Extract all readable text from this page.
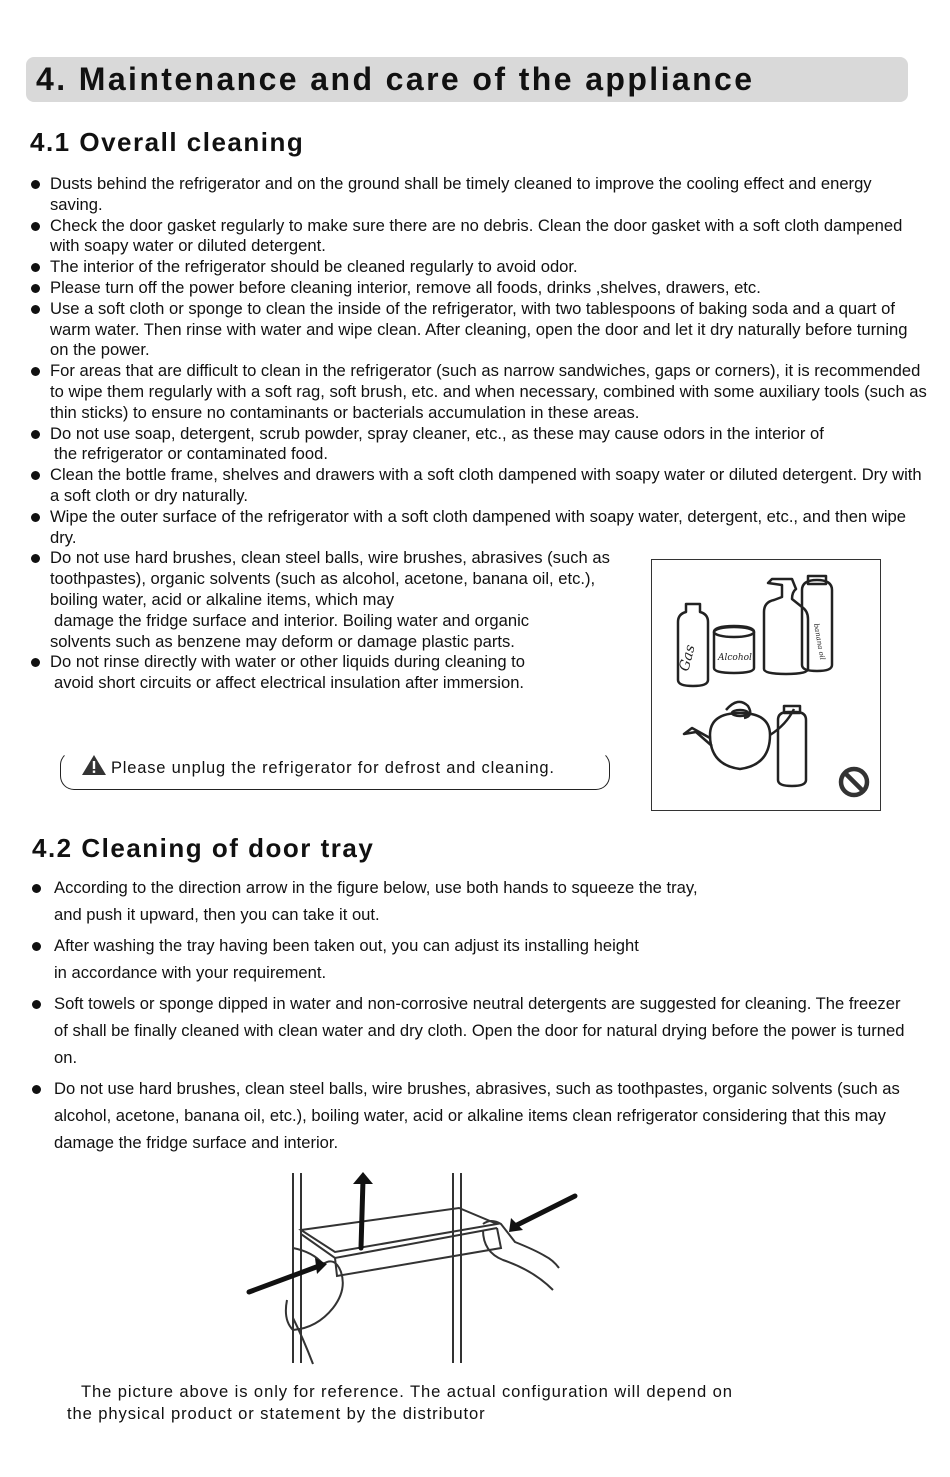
4. Maintenance and care of the appliance
4.1 Overall cleaning
Dusts behind the refrigerator and on the ground shall be timely cleaned to improve the cooling effect and energy saving.
Check the door gasket regularly to make sure there are no debris. Clean the door gasket with a soft cloth dampened with soapy water or diluted detergent.
The interior of the refrigerator should be cleaned regularly to avoid odor.
Please turn off the power before cleaning interior, remove all foods, drinks ,shelves, drawers, etc.
Use a soft cloth or sponge to clean the inside of the refrigerator, with two tablespoons of baking soda and a quart of warm water. Then rinse with water and wipe clean. After cleaning, open the door and let it dry naturally before turning on the power.
For areas that are difficult to clean in the refrigerator (such as narrow sandwiches, gaps or corners), it is recommended to wipe them regularly with a soft rag, soft brush, etc. and when necessary, combined with some auxiliary tools (such as thin sticks) to ensure no contaminants or bacterials accumulation in these areas.
Do not use soap, detergent, scrub powder, spray cleaner, etc., as these may cause odors in the interior of
the refrigerator or contaminated food.
Clean the bottle frame, shelves and drawers with a soft cloth dampened with soapy water or diluted detergent. Dry with a soft cloth or dry naturally.
Wipe the outer surface of the refrigerator with a soft cloth dampened with soapy water, detergent, etc., and then wipe dry.
Do not use hard brushes, clean steel balls, wire brushes, abrasives (such as toothpastes), organic solvents (such as alcohol, acetone, banana oil, etc.), boiling water, acid or alkaline items, which may
damage the fridge surface and interior. Boiling water and organic
solvents such as benzene may deform or damage plastic parts.
Do not rinse directly with water or other liquids during cleaning to
avoid short circuits or affect electrical insulation after immersion.
Please unplug the refrigerator for defrost and cleaning.
Gas Alcohol	banana oil
4.2 Cleaning of door tray
According to the direction arrow in the figure below, use both hands to squeeze the tray,
and push it upward, then you can take it out.
After washing the tray having been taken out, you can adjust its installing height
in accordance with your requirement.
Soft towels or sponge dipped in water and non-corrosive neutral detergents are suggested for cleaning. The freezer of shall be finally cleaned with clean water and dry cloth. Open the door for natural drying before the power is turned on.
Do not use hard brushes, clean steel balls, wire brushes, abrasives, such as toothpastes, organic solvents (such as alcohol, acetone, banana oil, etc.), boiling water, acid or alkaline items clean refrigerator considering that this may damage the fridge surface and interior.
The picture above is only for reference. The actual configuration will depend on
the physical product or statement by the distributor
